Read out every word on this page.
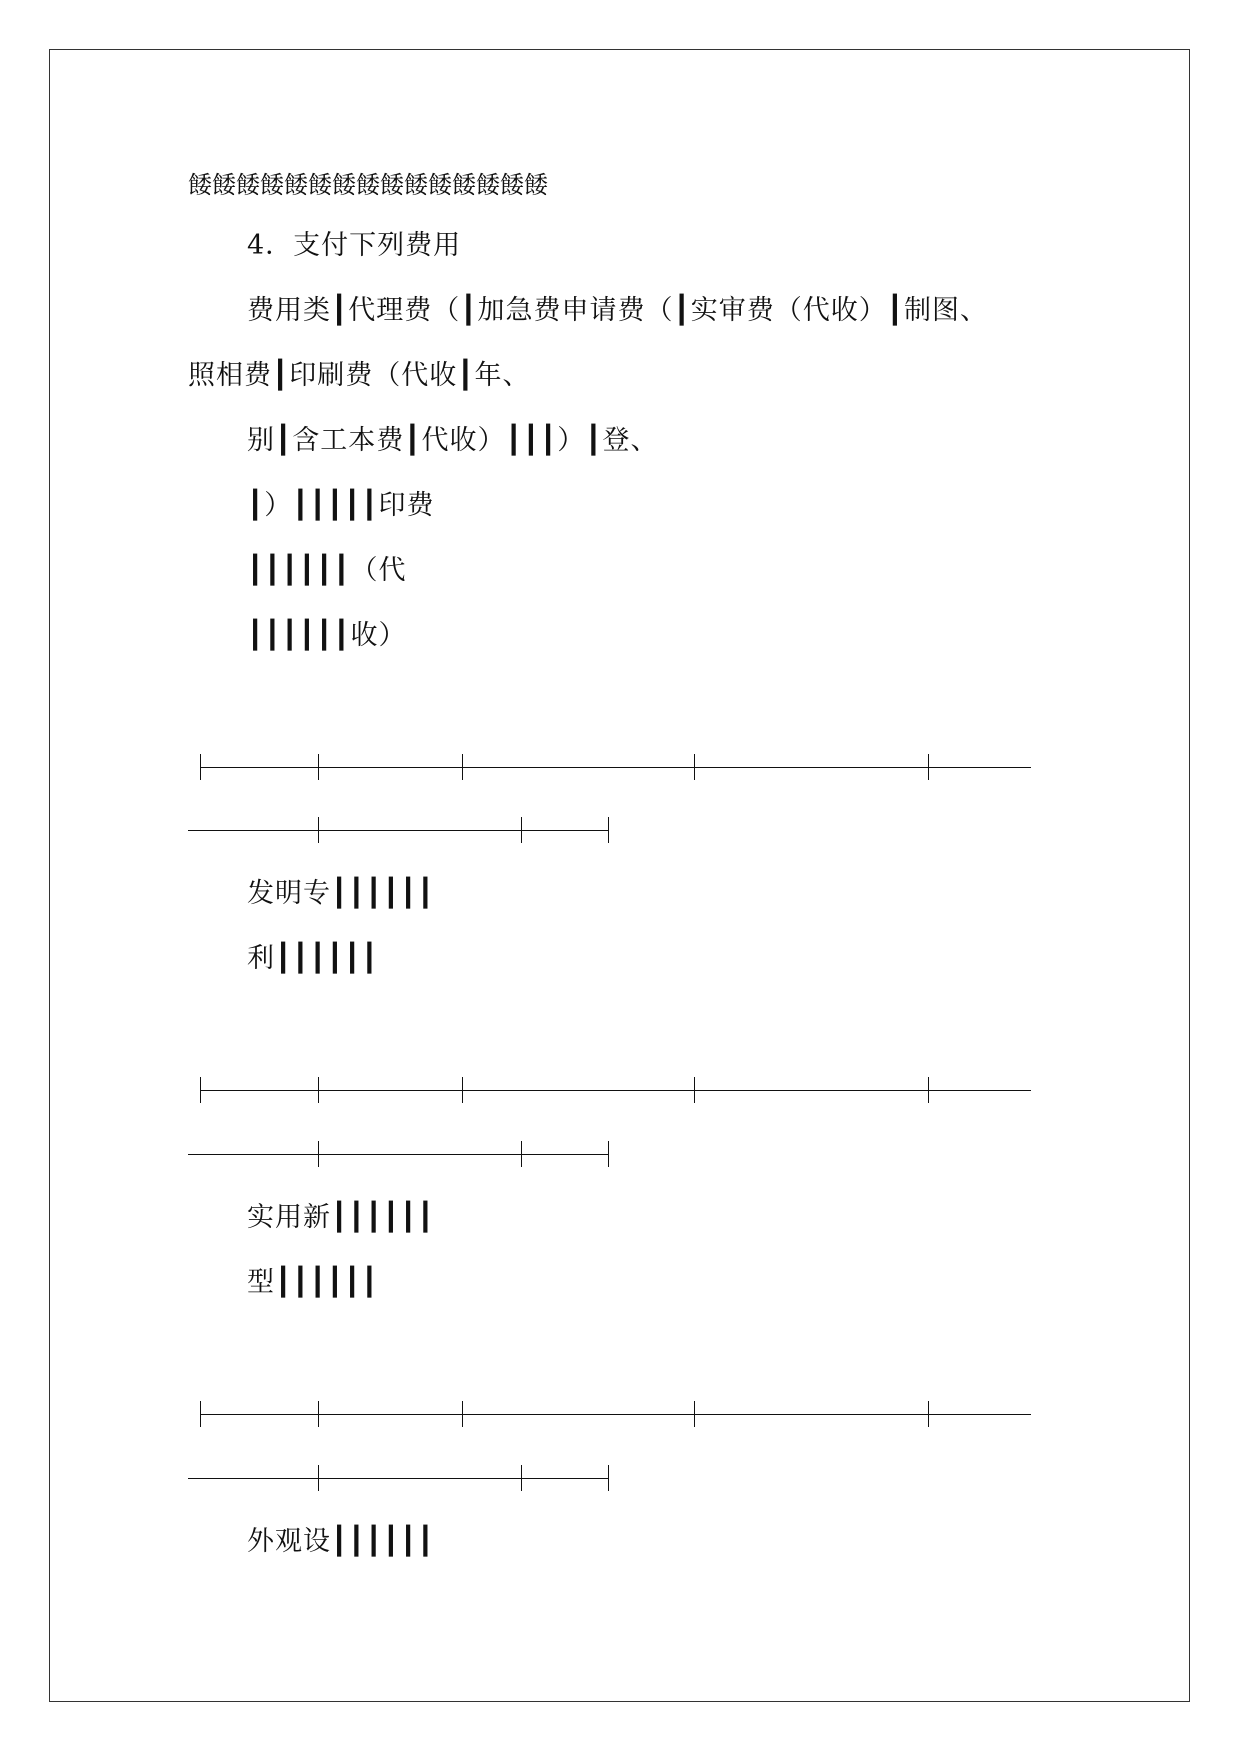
餧餧餧餧餧餧餧餧餧餧餧餧餧餧餧
4．支付下列费用
费用类┃代理费（┃加急费申请费（┃实审费（代收）┃制图、
照相费┃印刷费（代收┃年、
别┃含工本费┃代收）┃┃┃）┃登、
┃）┃┃┃┃┃印费
┃┃┃┃┃┃（代
┃┃┃┃┃┃收）
发明专┃┃┃┃┃┃
利┃┃┃┃┃┃
实用新┃┃┃┃┃┃
型┃┃┃┃┃┃
外观设┃┃┃┃┃┃
